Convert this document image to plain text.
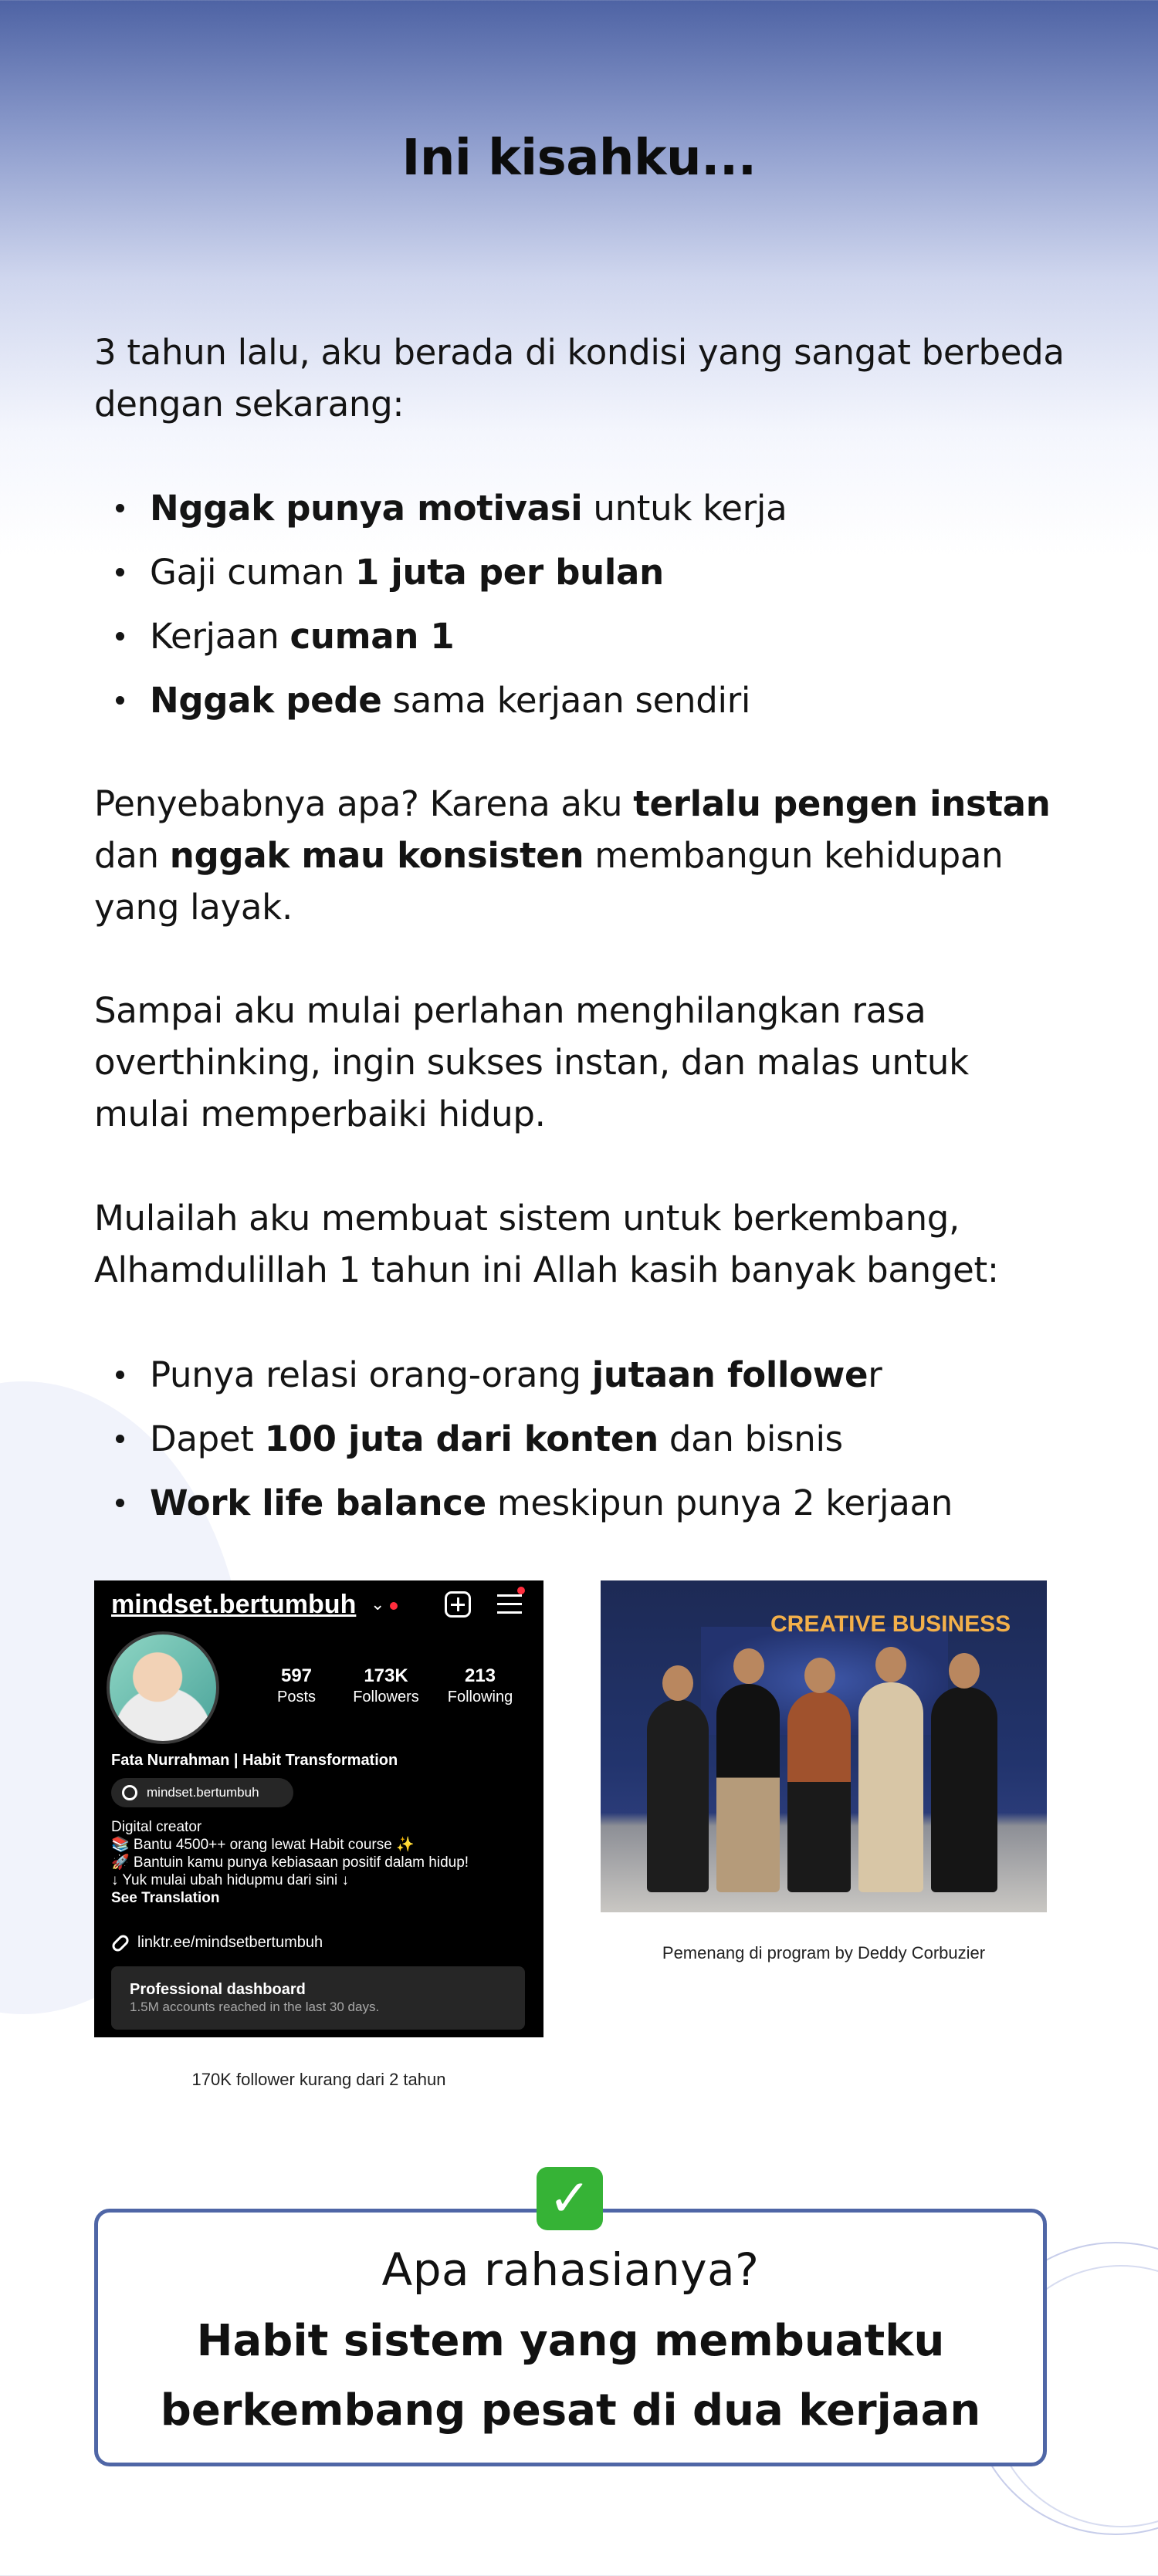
Ini kisahku...
3 tahun lalu, aku berada di kondisi yang sangat berbeda dengan sekarang:
Nggak punya motivasi untuk kerja
Gaji cuman 1 juta per bulan
Kerjaan cuman 1
Nggak pede sama kerjaan sendiri
Penyebabnya apa? Karena aku terlalu pengen instan dan nggak mau konsisten membangun kehidupan yang layak.
Sampai aku mulai perlahan menghilangkan rasa overthinking, ingin sukses instan, dan malas untuk mulai memperbaiki hidup.
Mulailah aku membuat sistem untuk berkembang, Alhamdulillah 1 tahun ini Allah kasih banyak banget:
Punya relasi orang-orang jutaan follower
Dapet 100 juta dari konten dan bisnis
Work life balance meskipun punya 2 kerjaan
mindset.bertumbuh ⌄
597
Posts
173K
Followers
213
Following
Fata Nurrahman | Habit Transformation
mindset.bertumbuh
Digital creator
📚 Bantu 4500++ orang lewat Habit course ✨
🚀 Bantuin kamu punya kebiasaan positif dalam hidup!
↓ Yuk mulai ubah hidupmu dari sini ↓
See Translation
linktr.ee/mindsetbertumbuh
Professional dashboard
1.5M accounts reached in the last 30 days.
170K follower kurang dari 2 tahun
CREATIVE BUSINESS
Pemenang di program by Deddy Corbuzier
✓
Apa rahasianya?
Habit sistem yang membuatku berkembang pesat di dua kerjaan
